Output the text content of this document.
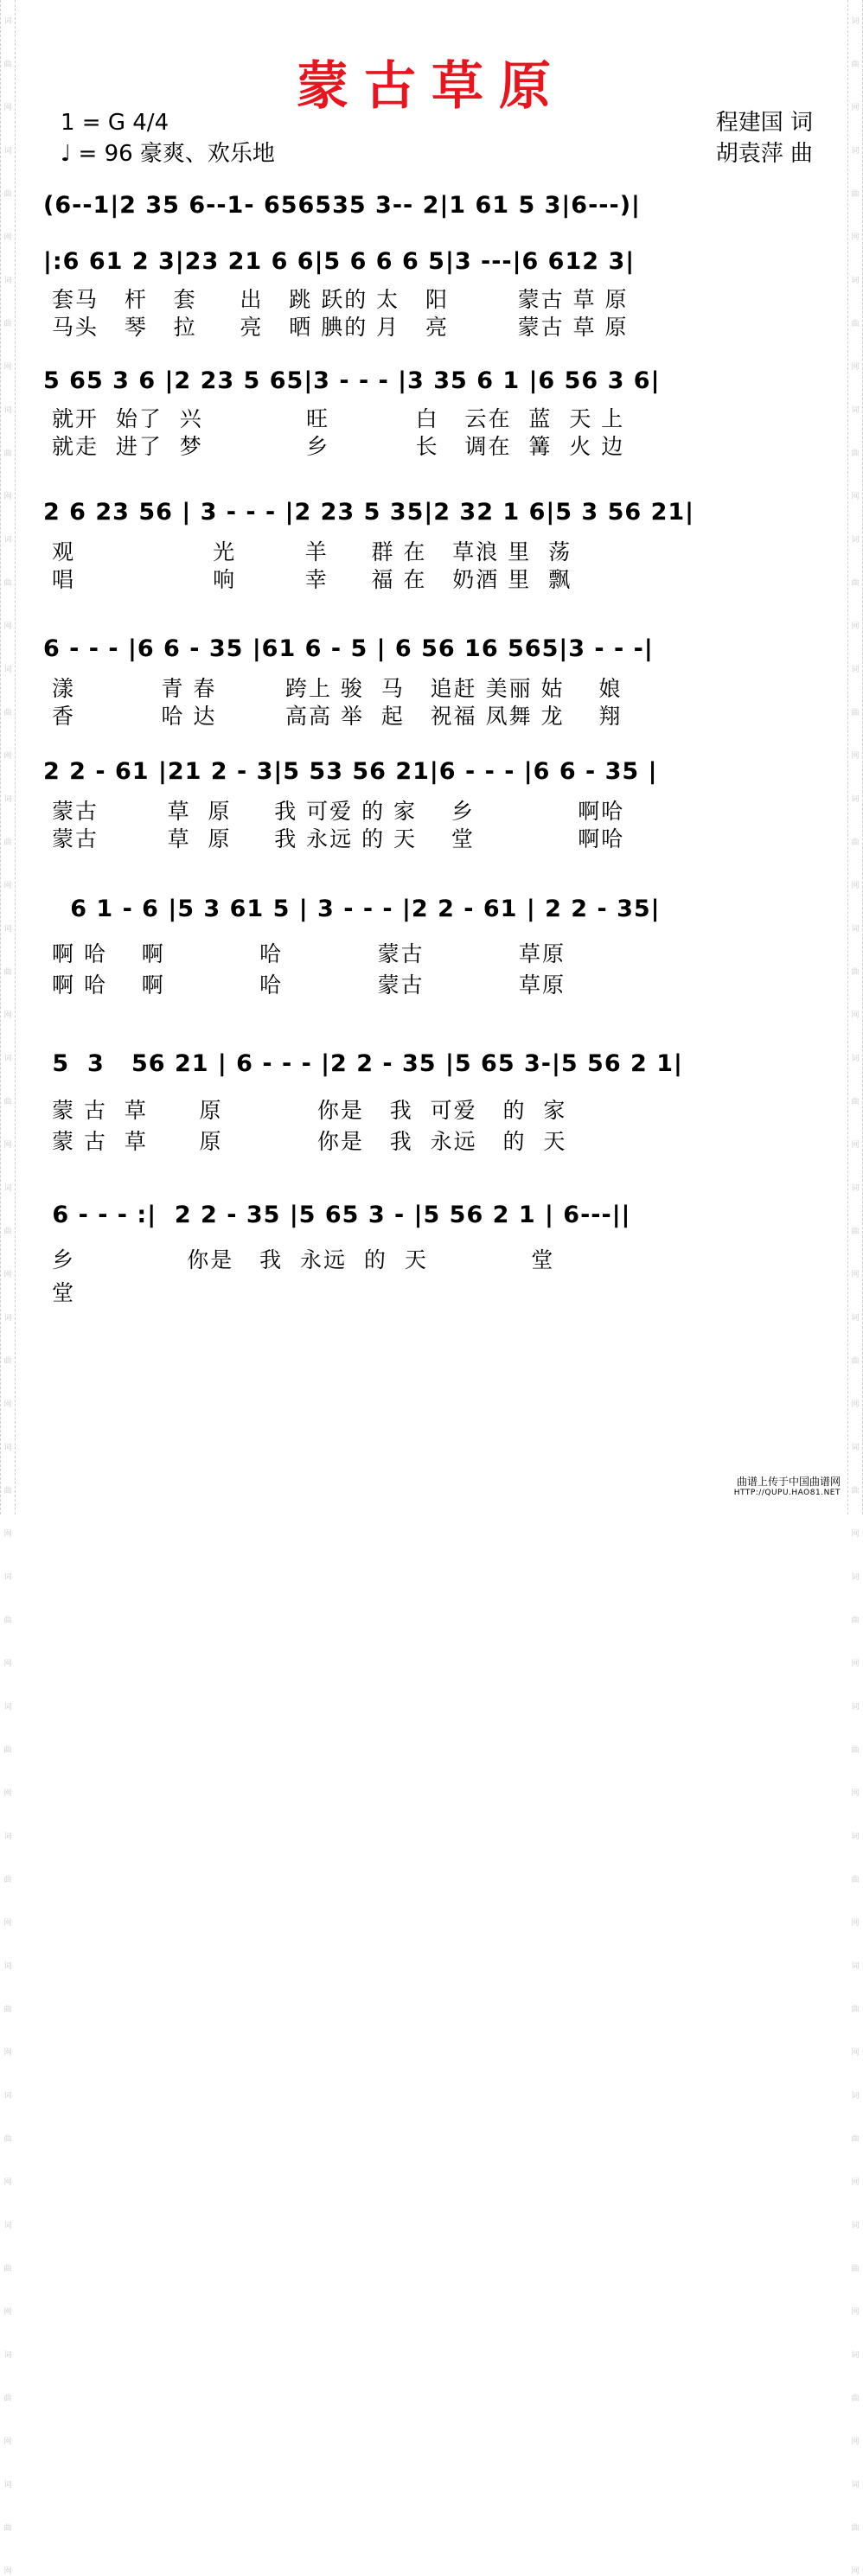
词
曲
网
词
曲
网
词
曲
网
词
曲
网
词
曲
网
词
曲
网
词
曲
网
词
曲
网
词
曲
网
词
曲
网
词
曲
网
词
曲
网
词
曲
网
词
曲
网
词
曲
网
词
曲
网
词
曲
网
词
曲
网
词
曲
网
词
曲
网
词
曲
网
词
曲
网
词
曲
网
词
曲
网
词
曲
网
词
曲
网
词
曲
网
词
曲
网
词
曲
网
词
曲
网
词
曲
网
词
曲
网
词
曲
网
词
曲
网
词
曲
网
词
曲
网
词
曲
网
词
曲
网
词
曲
网
词
曲
网
蒙古草原
1 = G 4/4
♩ = 96 豪爽、欢乐地
程建国 词
胡袁萍 曲
(6--1|2 35 6--1- 656535 3-- 2|1 61 5 3|6---)|
|:6 61 2 3|23 21 6 6|5 6 6 6 5|3 ---|6 612 3|
套马   杆   套     出   跳 跃的 太   阳        蒙古 草 原
马头   琴   拉     亮   晒 腆的 月   亮        蒙古 草 原
5 65 3 6 |2 23 5 65|3 - - - |3 35 6 1 |6 56 3 6|
就开  始了  兴            旺          白   云在  蓝  天 上
就走  进了  梦            乡          长   调在  篝  火 边
2 6 23 56 | 3 - - - |2 23 5 35|2 32 1 6|5 3 56 21|
观                光        羊     群 在   草浪 里  荡
唱                响        幸     福 在   奶酒 里  飘
6 - - - |6 6 - 35 |61 6 - 5 | 6 56 16 565|3 - - -|
漾          青 春        跨上 骏  马   追赶 美丽 姑    娘
香          哈 达        高高 举  起   祝福 凤舞 龙    翔
2 2 - 61 |21 2 - 3|5 53 56 21|6 - - - |6 6 - 35 |
蒙古        草  原     我 可爱 的 家    乡            啊哈
蒙古        草  原     我 永远 的 天    堂            啊哈
6 1 - 6 |5 3 61 5 | 3 - - - |2 2 - 61 | 2 2 - 35|
啊 哈    啊           哈           蒙古           草原
啊 哈    啊           哈           蒙古           草原
5  3   56 21 | 6 - - - |2 2 - 35 |5 65 3-|5 56 2 1|
蒙 古  草      原           你是   我  可爱   的  家
蒙 古  草      原           你是   我  永远   的  天
6 - - - :|  2 2 - 35 |5 65 3 - |5 56 2 1 | 6---||
乡             你是   我  永远  的  天            堂
堂
曲谱上传于中国曲谱网
HTTP://QUPU.HAO81.NET
